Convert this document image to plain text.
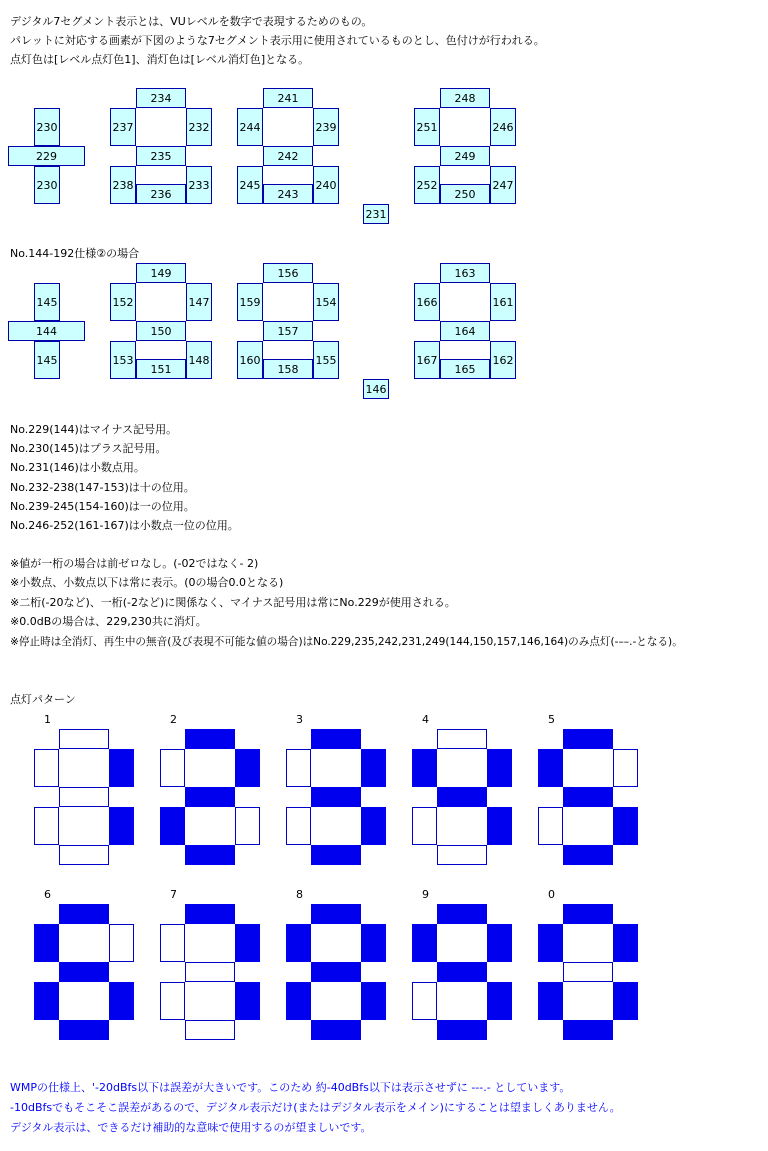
デジタル7セグメント表示とは、VUレベルを数字で表現するためのもの。
パレットに対応する画素が下図のような7セグメント表示用に使用されているものとし、色付けが行われる。
点灯色は[レベル点灯色1]、消灯色は[レベル消灯色]となる。
230
229
230
234
237	232
235
238	233
236
241
244	239
242
245	240
243
248
251	246
249
252	247
250
231
No.144-192仕様②の場合
145
144
145
149
152	147
150
153	148
151
156
159	154
157
160	155
158
163
166	161
164
167	162
165
146
No.229(144)はマイナス記号用。
No.230(145)はプラス記号用。
No.231(146)は小数点用。
No.232-238(147-153)は十の位用。
No.239-245(154-160)は一の位用。
No.246-252(161-167)は小数点一位の位用。
※値が一桁の場合は前ゼロなし。(-02ではなく- 2)
※小数点、小数点以下は常に表示。(0の場合0.0となる)
※二桁(-20など)、一桁(-2など)に関係なく、マイナス記号用は常にNo.229が使用される。
※0.0dBの場合は、229,230共に消灯。
※停止時は全消灯、再生中の無音(及び表現不可能な値の場合)はNo.229,235,242,231,249(144,150,157,146,164)のみ点灯(-––.-となる)。
点灯パターン
1	2	3	4	5
6	7	8	9	0
WMPの仕様上、'-20dBfs以下は誤差が大きいです。このため 約-40dBfs以下は表示させずに ---.- としています。
-10dBfsでもそこそこ誤差があるので、デジタル表示だけ(またはデジタル表示をメイン)にすることは望ましくありません。
デジタル表示は、できるだけ補助的な意味で使用するのが望ましいです。
